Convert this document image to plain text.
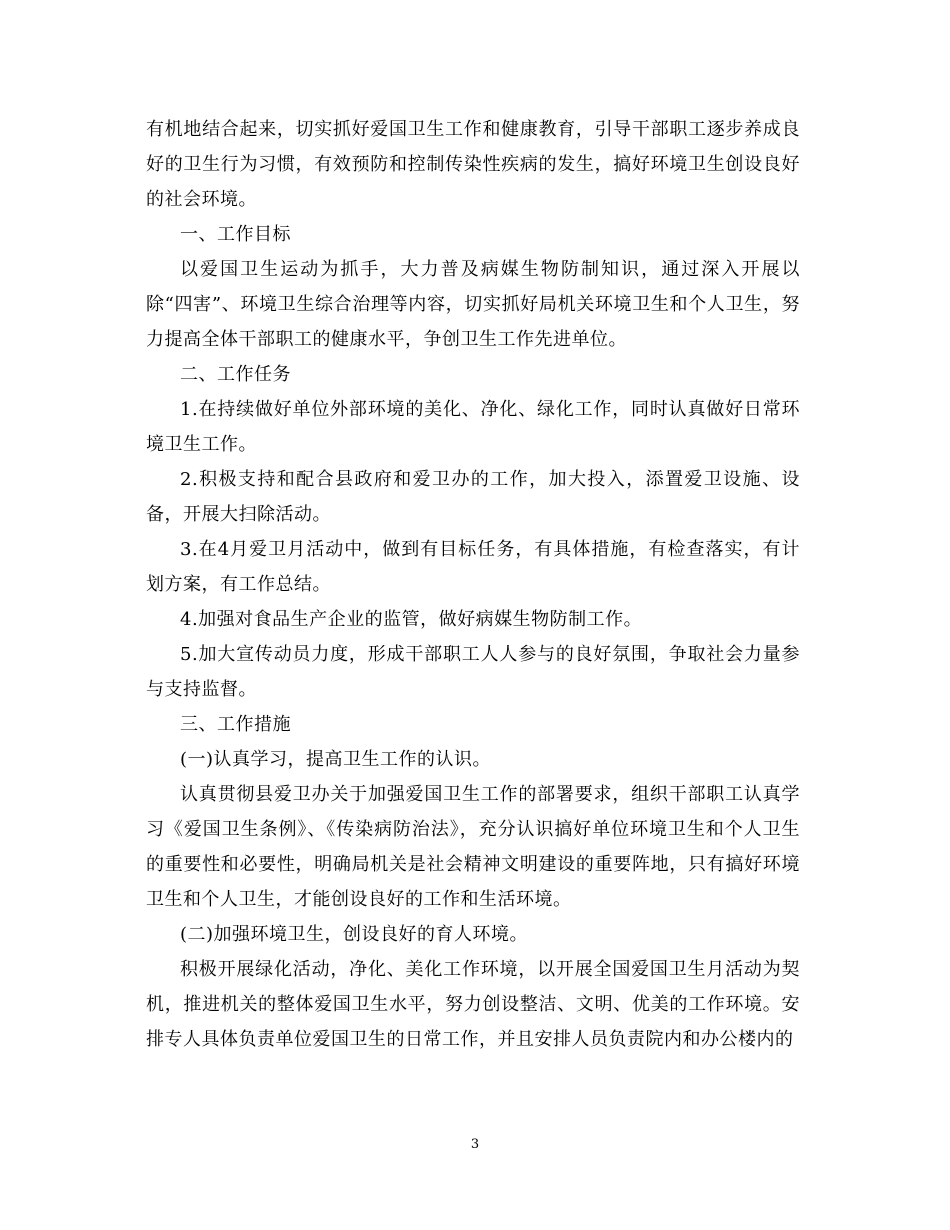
有机地结合起来，切实抓好爱国卫生工作和健康教育，引导干部职工逐步养成良好的卫生行为习惯，有效预防和控制传染性疾病的发生，搞好环境卫生创设良好的社会环境。

一、工作目标

以爱国卫生运动为抓手，大力普及病媒生物防制知识，通过深入开展以除“四害”、环境卫生综合治理等内容，切实抓好局机关环境卫生和个人卫生，努力提高全体干部职工的健康水平，争创卫生工作先进单位。

二、工作任务

1.在持续做好单位外部环境的美化、净化、绿化工作，同时认真做好日常环境卫生工作。

2.积极支持和配合县政府和爱卫办的工作，加大投入，添置爱卫设施、设备，开展大扫除活动。

3.在4月爱卫月活动中，做到有目标任务，有具体措施，有检查落实，有计划方案，有工作总结。

4.加强对食品生产企业的监管，做好病媒生物防制工作。

5.加大宣传动员力度，形成干部职工人人参与的良好氛围，争取社会力量参与支持监督。

三、工作措施

(一)认真学习，提高卫生工作的认识。

认真贯彻县爱卫办关于加强爱国卫生工作的部署要求，组织干部职工认真学习《爱国卫生条例》、《传染病防治法》，充分认识搞好单位环境卫生和个人卫生的重要性和必要性，明确局机关是社会精神文明建设的重要阵地，只有搞好环境卫生和个人卫生，才能创设良好的工作和生活环境。

(二)加强环境卫生，创设良好的育人环境。

积极开展绿化活动，净化、美化工作环境，以开展全国爱国卫生月活动为契机，推进机关的整体爱国卫生水平，努力创设整洁、文明、优美的工作环境。安排专人具体负责单位爱国卫生的日常工作，并且安排人员负责院内和办公楼内的

3
